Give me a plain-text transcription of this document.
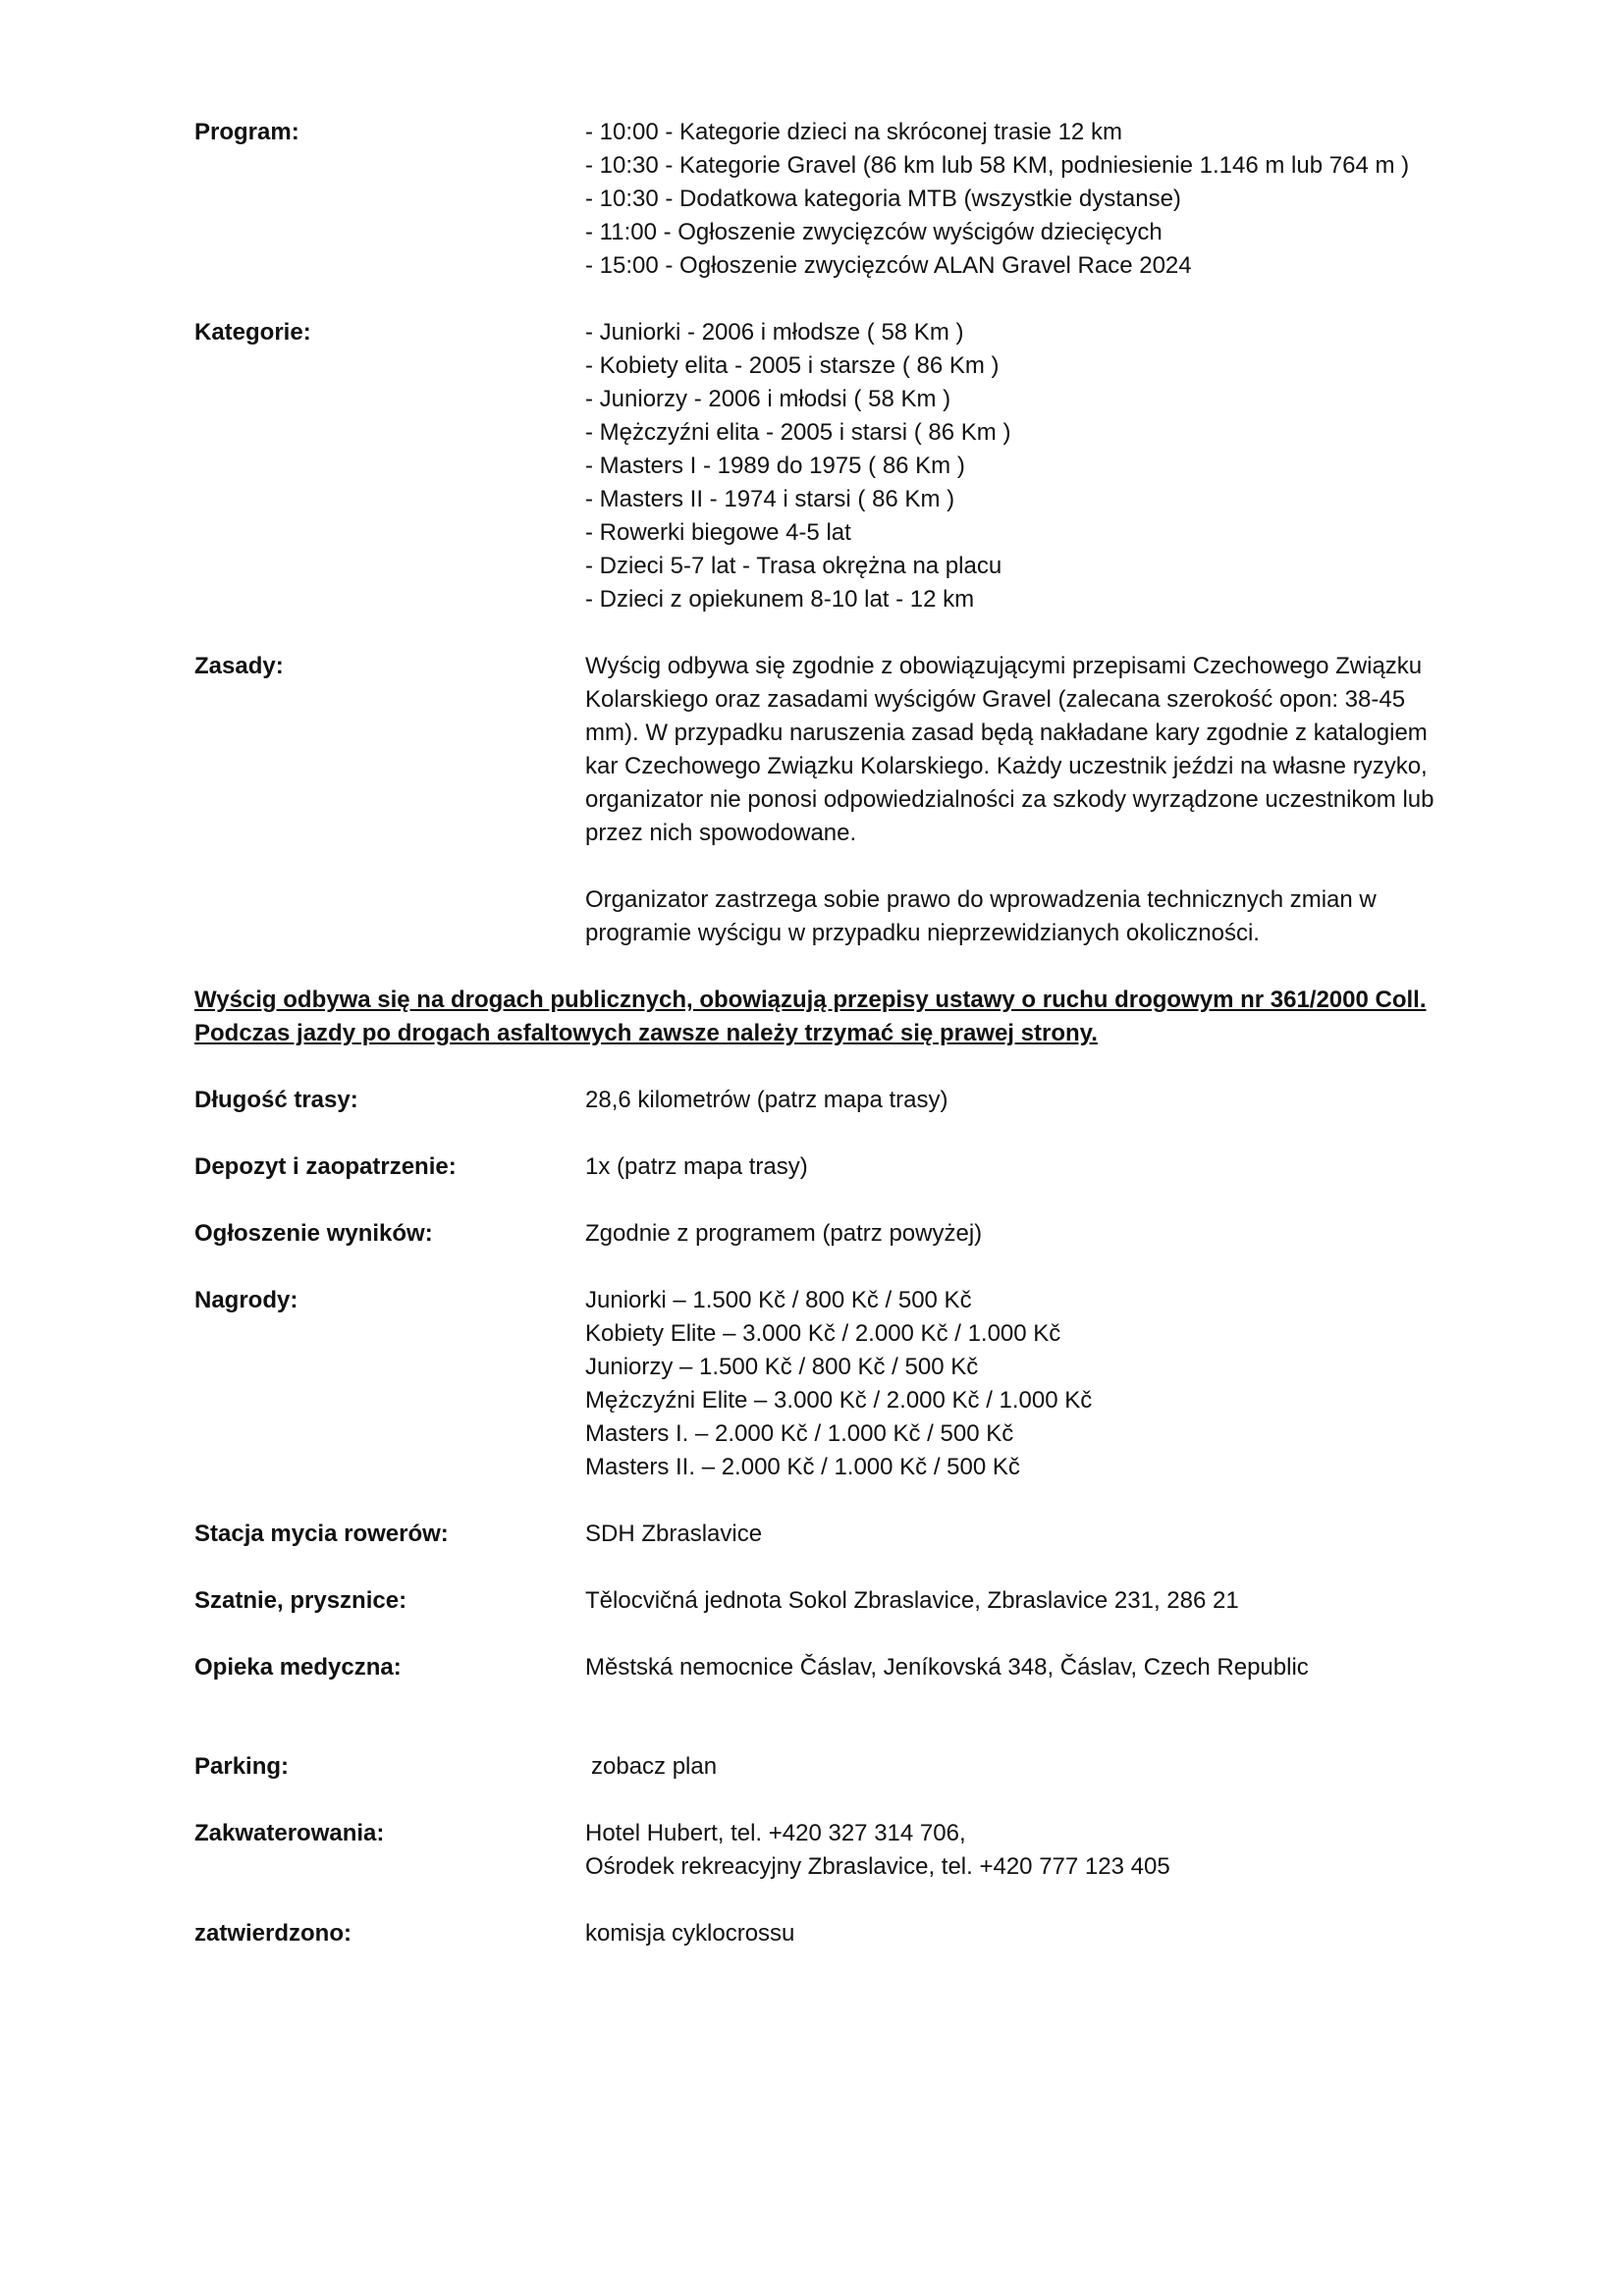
Program:	- 10:00 - Kategorie dzieci na skróconej trasie 12 km
- 10:30 - Kategorie Gravel (86 km lub 58 KM, podniesienie 1.146 m lub 764 m )
- 10:30 - Dodatkowa kategoria MTB (wszystkie dystanse)
- 11:00 - Ogłoszenie zwycięzców wyścigów dziecięcych
- 15:00 - Ogłoszenie zwycięzców ALAN Gravel Race 2024
Kategorie:	- Juniorki - 2006 i młodsze ( 58 Km )
- Kobiety elita - 2005 i starsze ( 86 Km )
- Juniorzy - 2006 i młodsi ( 58 Km )
- Mężczyźni elita - 2005 i starsi ( 86 Km )
- Masters I - 1989 do 1975 ( 86 Km )
- Masters II - 1974 i starsi ( 86 Km )
- Rowerki biegowe 4-5 lat
- Dzieci 5-7 lat - Trasa okrężna na placu
- Dzieci z opiekunem 8-10 lat - 12 km
Zasady:	Wyścig odbywa się zgodnie z obowiązującymi przepisami Czechowego Związku
Kolarskiego oraz zasadami wyścigów Gravel (zalecana szerokość opon: 38-45
mm). W przypadku naruszenia zasad będą nakładane kary zgodnie z katalogiem
kar Czechowego Związku Kolarskiego. Każdy uczestnik jeździ na własne ryzyko,
organizator nie ponosi odpowiedzialności za szkody wyrządzone uczestnikom lub
przez nich spowodowane.
Organizator zastrzega sobie prawo do wprowadzenia technicznych zmian w
programie wyścigu w przypadku nieprzewidzianych okoliczności.
Wyścig odbywa się na drogach publicznych, obowiązują przepisy ustawy o ruchu drogowym nr 361/2000 Coll.
Podczas jazdy po drogach asfaltowych zawsze należy trzymać się prawej strony.
Długość trasy:	28,6 kilometrów (patrz mapa trasy)
Depozyt i zaopatrzenie:	1x (patrz mapa trasy)
Ogłoszenie wyników:	Zgodnie z programem (patrz powyżej)
Nagrody:	Juniorki – 1.500 Kč / 800 Kč / 500 Kč
Kobiety Elite – 3.000 Kč / 2.000 Kč / 1.000 Kč
Juniorzy – 1.500 Kč / 800 Kč / 500 Kč
Mężczyźni Elite – 3.000 Kč / 2.000 Kč / 1.000 Kč
Masters I. – 2.000 Kč / 1.000 Kč / 500 Kč
Masters II. – 2.000 Kč / 1.000 Kč / 500 Kč
Stacja mycia rowerów:	SDH Zbraslavice
Szatnie, prysznice:	Tělocvičná jednota Sokol Zbraslavice, Zbraslavice 231, 286 21
Opieka medyczna:	Městská nemocnice Čáslav, Jeníkovská 348, Čáslav, Czech Republic
Parking:	zobacz plan
Zakwaterowania:	Hotel Hubert, tel. +420 327 314 706,
Ośrodek rekreacyjny Zbraslavice, tel. +420 777 123 405
zatwierdzono:	komisja cyklocrossu
